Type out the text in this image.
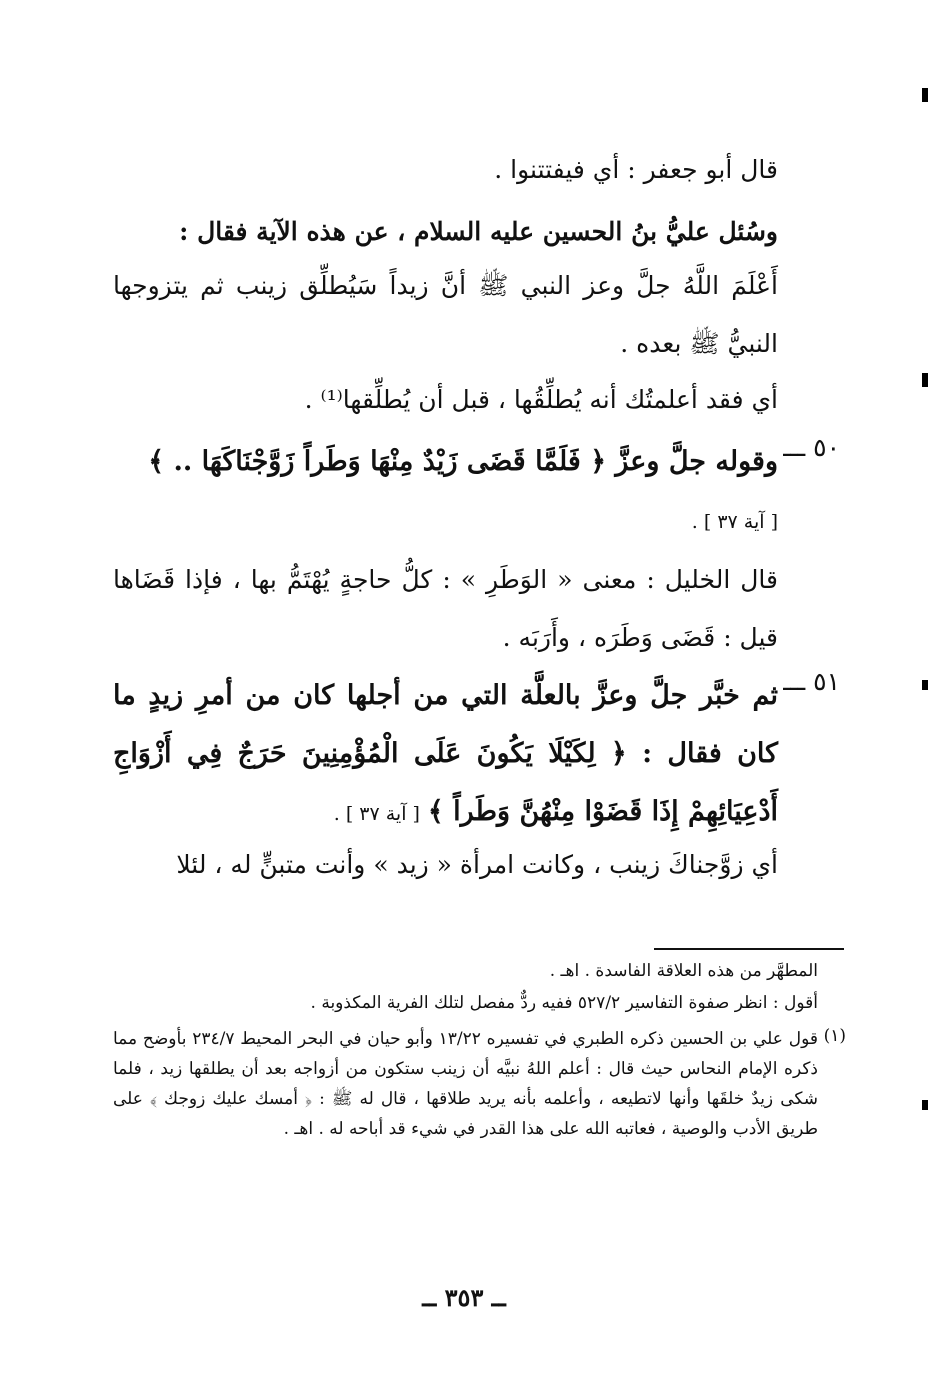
قال أبو جعفر : أي فيفتتنوا .
وسُئل عليُّ بنُ الحسين عليه السلام ، عن هذه الآية فقال :
أَعْلَمَ اللَّهُ جلَّ وعز النبي ﷺ أنَّ زيداً سَيُطلِّق زينب ثم يتزوجها النبيُّ ﷺ بعده .
أي فقد أعلمتُك أنه يُطلِّقُها ، قبل أن يُطلِّقها⁽¹⁾ .
٥٠ ـــ
وقوله جلَّ وعزَّ ﴿ فَلَمَّا قَضَى زَيْدٌ مِنْهَا وَطَراً زَوَّجْنَاكَهَا .. ﴾
[ آية ٣٧ ] .
قال الخليل : معنى « الوَطَرِ » : كلُّ حاجةٍ يُهْتَمُّ بها ، فإذا قَضَاها قيل : قَضَى وَطَرَه ، وأَرَبَه .
٥١ ـــ
ثم خبَّر جلَّ وعزَّ بالعلَّة التي من أجلها كان من أمرِ زيدٍ ما كان فقال : ﴿ لِكَيْلَا يَكُونَ عَلَى الْمُؤْمِنِينَ حَرَجٌ فِي أَزْوَاجِ أَدْعِيَائِهِمْ إِذَا قَضَوْا مِنْهُنَّ وَطَراً ﴾ [ آية ٣٧ ] .
أي زوَّجناكَ زينب ، وكانت امرأة « زيد » وأنت متبنٍّ له ، لئلا
المطهَّر من هذه العلاقة الفاسدة . اهـ .
أقول : انظر صفوة التفاسير ٥٢٧/٢ ففيه ردٌّ مفصل لتلك الفرية المكذوبة .
(١)
قول علي بن الحسين ذكره الطبري في تفسيره ١٣/٢٢ وأبو حيان في البحر المحيط ٢٣٤/٧ بأوضح مما ذكره الإمام النحاس حيث قال : أعلم اللهُ نبيَّه أن زينب ستكون من أزواجه بعد أن يطلقها زيد ، فلما شكى زيدٌ خلقَها وأنها لاتطيعه ، وأعلمه بأنه يريد طلاقها ، قال له ﷺ : ﴿ أمسك عليك زوجك ﴾ على طريق الأدب والوصية ، فعاتبه الله على هذا القدر في شيء قد أباحه له . اهـ .
ــ ٣٥٣ ــ
